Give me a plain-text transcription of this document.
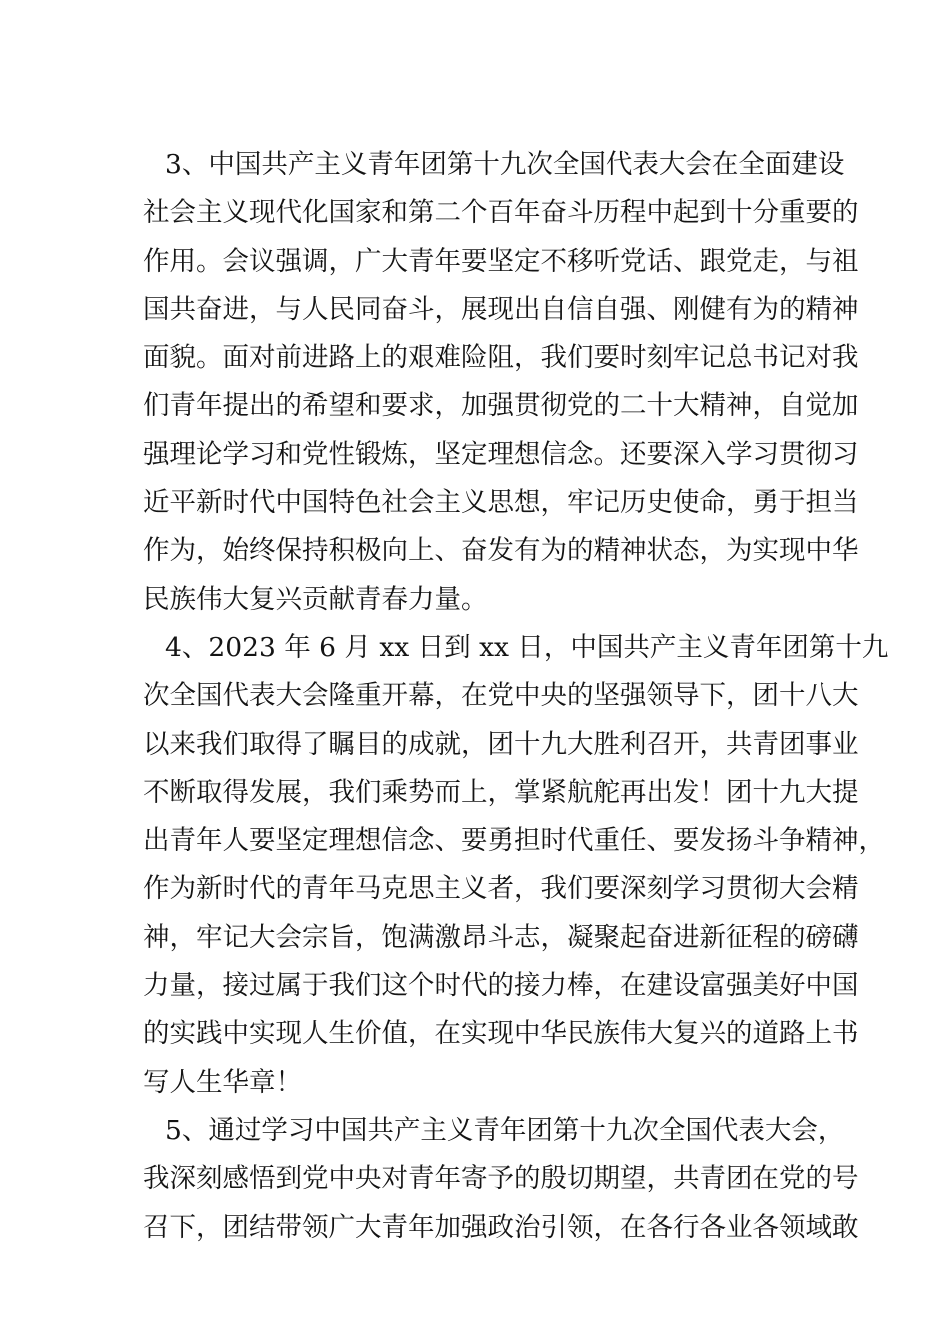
3、中国共产主义青年团第十九次全国代表大会在全面建设
社会主义现代化国家和第二个百年奋斗历程中起到十分重要的
作用。会议强调，广大青年要坚定不移听党话、跟党走，与祖
国共奋进，与人民同奋斗，展现出自信自强、刚健有为的精神
面貌。面对前进路上的艰难险阻，我们要时刻牢记总书记对我
们青年提出的希望和要求，加强贯彻党的二十大精神，自觉加
强理论学习和党性锻炼，坚定理想信念。还要深入学习贯彻习
近平新时代中国特色社会主义思想，牢记历史使命，勇于担当
作为，始终保持积极向上、奋发有为的精神状态，为实现中华
民族伟大复兴贡献青春力量。
4、2023 年 6 月 xx 日到 xx 日，中国共产主义青年团第十九
次全国代表大会隆重开幕，在党中央的坚强领导下，团十八大
以来我们取得了瞩目的成就，团十九大胜利召开，共青团事业
不断取得发展，我们乘势而上，掌紧航舵再出发！团十九大提
出青年人要坚定理想信念、要勇担时代重任、要发扬斗争精神，
作为新时代的青年马克思主义者，我们要深刻学习贯彻大会精
神，牢记大会宗旨，饱满激昂斗志，凝聚起奋进新征程的磅礴
力量，接过属于我们这个时代的接力棒，在建设富强美好中国
的实践中实现人生价值，在实现中华民族伟大复兴的道路上书
写人生华章！
5、通过学习中国共产主义青年团第十九次全国代表大会，
我深刻感悟到党中央对青年寄予的殷切期望，共青团在党的号
召下，团结带领广大青年加强政治引领，在各行各业各领域敢
